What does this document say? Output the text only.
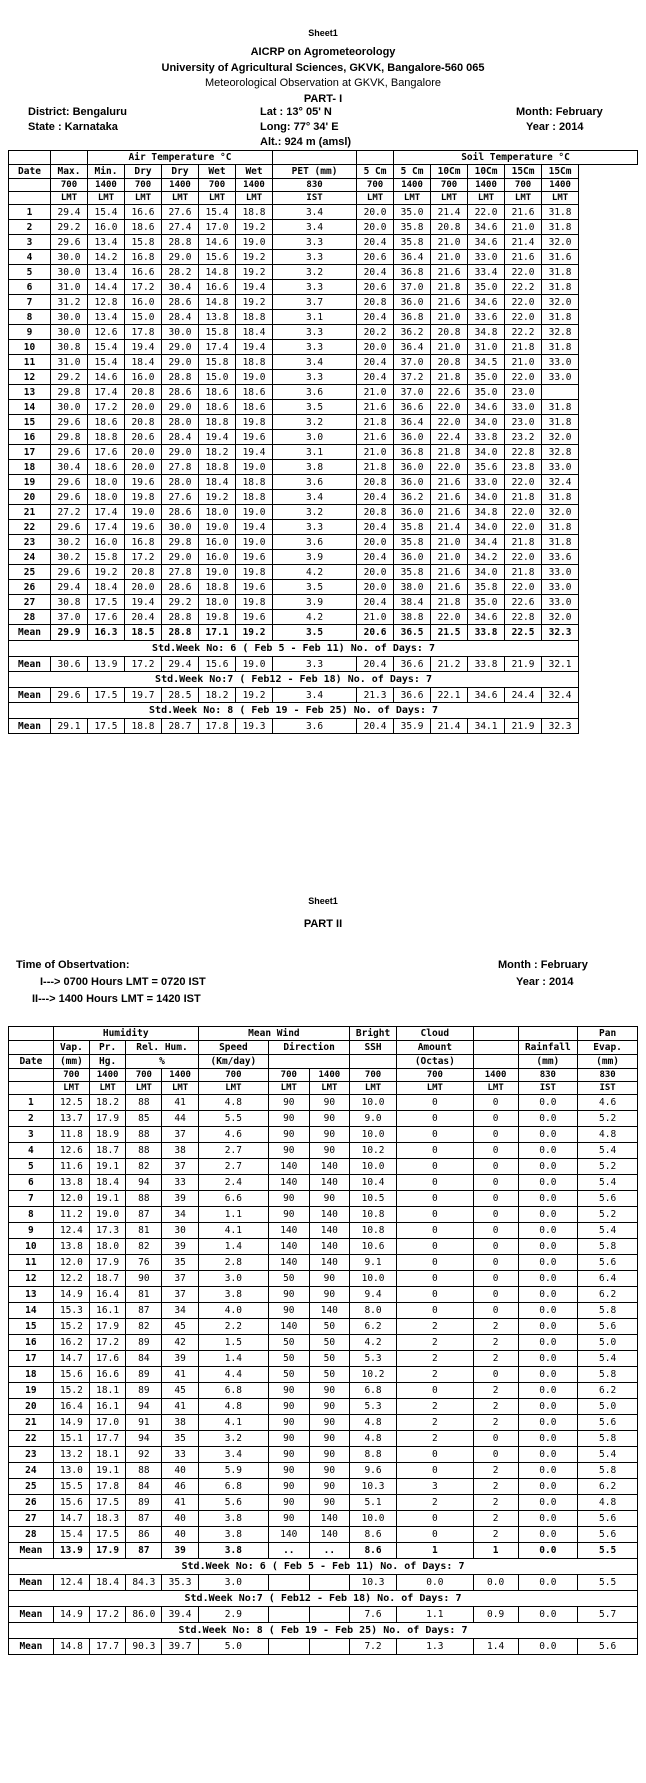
Sheet1
AICRP on Agrometeorology
University of Agricultural Sciences, GKVK, Bangalore-560 065
Meteorological Observation at GKVK, Bangalore
PART- I
District: Bengaluru
State : Karnataka
Lat : 13° 05' N
Long: 77° 34' E
Alt.: 924 m (amsl)
Month: February
Year : 2014
		Air Temperature °C							Soil Temperature °C				
Date	Max.	Min.	Dry	Dry	Wet	Wet	PET (mm)	5 Cm	5 Cm	10Cm	10Cm	15Cm	15Cm
	700	1400	700	1400	700	1400	830	700	1400	700	1400	700	1400
	LMT	LMT	LMT	LMT	LMT	LMT	IST	LMT	LMT	LMT	LMT	LMT	LMT
1	29.4	15.4	16.6	27.6	15.4	18.8	3.4	20.0	35.0	21.4	22.0	21.6	31.8
2	29.2	16.0	18.6	27.4	17.0	19.2	3.4	20.0	35.8	20.8	34.6	21.0	31.8
3	29.6	13.4	15.8	28.8	14.6	19.0	3.3	20.4	35.8	21.0	34.6	21.4	32.0
4	30.0	14.2	16.8	29.0	15.6	19.2	3.3	20.6	36.4	21.0	33.0	21.6	31.6
5	30.0	13.4	16.6	28.2	14.8	19.2	3.2	20.4	36.8	21.6	33.4	22.0	31.8
6	31.0	14.4	17.2	30.4	16.6	19.4	3.3	20.6	37.0	21.8	35.0	22.2	31.8
7	31.2	12.8	16.0	28.6	14.8	19.2	3.7	20.8	36.0	21.6	34.6	22.0	32.0
8	30.0	13.4	15.0	28.4	13.8	18.8	3.1	20.4	36.8	21.0	33.6	22.0	31.8
9	30.0	12.6	17.8	30.0	15.8	18.4	3.3	20.2	36.2	20.8	34.8	22.2	32.8
10	30.8	15.4	19.4	29.0	17.4	19.4	3.3	20.0	36.4	21.0	31.0	21.8	31.8
11	31.0	15.4	18.4	29.0	15.8	18.8	3.4	20.4	37.0	20.8	34.5	21.0	33.0
12	29.2	14.6	16.0	28.8	15.0	19.0	3.3	20.4	37.2	21.8	35.0	22.0	33.0
13	29.8	17.4	20.8	28.6	18.6	18.6	3.6	21.0	37.0	22.6	35.0	23.0	
14	30.0	17.2	20.0	29.0	18.6	18.6	3.5	21.6	36.6	22.0	34.6	33.0	31.8
15	29.6	18.6	20.8	28.0	18.8	19.8	3.2	21.8	36.4	22.0	34.0	23.0	31.8
16	29.8	18.8	20.6	28.4	19.4	19.6	3.0	21.6	36.0	22.4	33.8	23.2	32.0
17	29.6	17.6	20.0	29.0	18.2	19.4	3.1	21.0	36.8	21.8	34.0	22.8	32.8
18	30.4	18.6	20.0	27.8	18.8	19.0	3.8	21.8	36.0	22.0	35.6	23.8	33.0
19	29.6	18.0	19.6	28.0	18.4	18.8	3.6	20.8	36.0	21.6	33.0	22.0	32.4
20	29.6	18.0	19.8	27.6	19.2	18.8	3.4	20.4	36.2	21.6	34.0	21.8	31.8
21	27.2	17.4	19.0	28.6	18.0	19.0	3.2	20.8	36.0	21.6	34.8	22.0	32.0
22	29.6	17.4	19.6	30.0	19.0	19.4	3.3	20.4	35.8	21.4	34.0	22.0	31.8
23	30.2	16.0	16.8	29.8	16.0	19.0	3.6	20.0	35.8	21.0	34.4	21.8	31.8
24	30.2	15.8	17.2	29.0	16.0	19.6	3.9	20.4	36.0	21.0	34.2	22.0	33.6
25	29.6	19.2	20.8	27.8	19.0	19.8	4.2	20.0	35.8	21.6	34.0	21.8	33.0
26	29.4	18.4	20.0	28.6	18.8	19.6	3.5	20.0	38.0	21.6	35.8	22.0	33.0
27	30.8	17.5	19.4	29.2	18.0	19.8	3.9	20.4	38.4	21.8	35.0	22.6	33.0
28	37.0	17.6	20.4	28.8	19.8	19.6	4.2	21.0	38.8	22.0	34.6	22.8	32.0
Mean	29.9	16.3	18.5	28.8	17.1	19.2	3.5	20.6	36.5	21.5	33.8	22.5	32.3
Std.Week No: 6 ( Feb 5 - Feb 11) No. of Days: 7													
Mean	30.6	13.9	17.2	29.4	15.6	19.0	3.3	20.4	36.6	21.2	33.8	21.9	32.1
Std.Week No:7 ( Feb12 - Feb 18) No. of Days: 7													
Mean	29.6	17.5	19.7	28.5	18.2	19.2	3.4	21.3	36.6	22.1	34.6	24.4	32.4
Std.Week No: 8 ( Feb 19 - Feb 25) No. of Days: 7													
Mean	29.1	17.5	18.8	28.7	17.8	19.3	3.6	20.4	35.9	21.4	34.1	21.9	32.3
Sheet1
PART II
Time of Obsertvation:
I---> 0700 Hours LMT = 0720 IST
II---> 1400 Hours LMT = 1420 IST
Month : February
Year : 2014
	Humidity				Mean Wind			Bright	Cloud			Pan
	Vap.	Pr.	Rel. Hum.		Speed	Direction		SSH	Amount		Rainfall	Evap.
Date	(mm)	Hg.	%		(Km/day)				(Octas)		(mm)	(mm)
	700	1400	700	1400	700	700	1400	700	700	1400	830	830
	LMT	LMT	LMT	LMT	LMT	LMT	LMT	LMT	LMT	LMT	IST	IST
1	12.5	18.2	88	41	4.8	90	90	10.0	0	0	0.0	4.6
2	13.7	17.9	85	44	5.5	90	90	9.0	0	0	0.0	5.2
3	11.8	18.9	88	37	4.6	90	90	10.0	0	0	0.0	4.8
4	12.6	18.7	88	38	2.7	90	90	10.2	0	0	0.0	5.4
5	11.6	19.1	82	37	2.7	140	140	10.0	0	0	0.0	5.2
6	13.8	18.4	94	33	2.4	140	140	10.4	0	0	0.0	5.4
7	12.0	19.1	88	39	6.6	90	90	10.5	0	0	0.0	5.6
8	11.2	19.0	87	34	1.1	90	140	10.8	0	0	0.0	5.2
9	12.4	17.3	81	30	4.1	140	140	10.8	0	0	0.0	5.4
10	13.8	18.0	82	39	1.4	140	140	10.6	0	0	0.0	5.8
11	12.0	17.9	76	35	2.8	140	140	9.1	0	0	0.0	5.6
12	12.2	18.7	90	37	3.0	50	90	10.0	0	0	0.0	6.4
13	14.9	16.4	81	37	3.8	90	90	9.4	0	0	0.0	6.2
14	15.3	16.1	87	34	4.0	90	140	8.0	0	0	0.0	5.8
15	15.2	17.9	82	45	2.2	140	50	6.2	2	2	0.0	5.6
16	16.2	17.2	89	42	1.5	50	50	4.2	2	2	0.0	5.0
17	14.7	17.6	84	39	1.4	50	50	5.3	2	2	0.0	5.4
18	15.6	16.6	89	41	4.4	50	50	10.2	2	0	0.0	5.8
19	15.2	18.1	89	45	6.8	90	90	6.8	0	2	0.0	6.2
20	16.4	16.1	94	41	4.8	90	90	5.3	2	2	0.0	5.0
21	14.9	17.0	91	38	4.1	90	90	4.8	2	2	0.0	5.6
22	15.1	17.7	94	35	3.2	90	90	4.8	2	0	0.0	5.8
23	13.2	18.1	92	33	3.4	90	90	8.8	0	0	0.0	5.4
24	13.0	19.1	88	40	5.9	90	90	9.6	0	2	0.0	5.8
25	15.5	17.8	84	46	6.8	90	90	10.3	3	2	0.0	6.2
26	15.6	17.5	89	41	5.6	90	90	5.1	2	2	0.0	4.8
27	14.7	18.3	87	40	3.8	90	140	10.0	0	2	0.0	5.6
28	15.4	17.5	86	40	3.8	140	140	8.6	0	2	0.0	5.6
Mean	13.9	17.9	87	39	3.8	..	..	8.6	1	1	0.0	5.5
Std.Week No: 6 ( Feb 5 - Feb 11) No. of Days: 7												
Mean	12.4	18.4	84.3	35.3	3.0			10.3	0.0	0.0	0.0	5.5
Std.Week No:7 ( Feb12 - Feb 18) No. of Days: 7												
Mean	14.9	17.2	86.0	39.4	2.9			7.6	1.1	0.9	0.0	5.7
Std.Week No: 8 ( Feb 19 - Feb 25) No. of Days: 7												
Mean	14.8	17.7	90.3	39.7	5.0			7.2	1.3	1.4	0.0	5.6
